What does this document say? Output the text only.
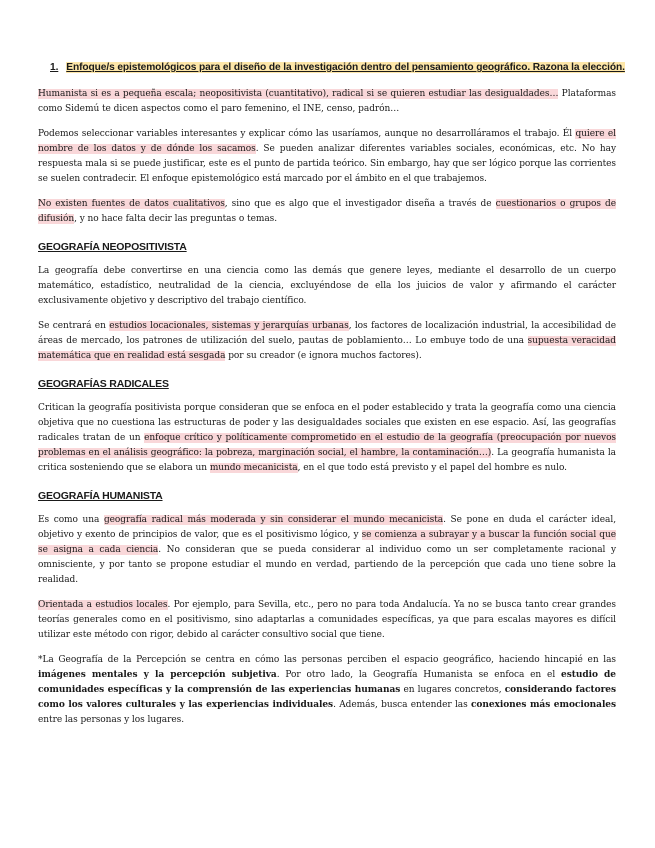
1. Enfoque/s epistemológicos para el diseño de la investigación dentro del pensamiento geográfico. Razona la elección.

Humanista si es a pequeña escala; neopositivista (cuantitativo), radical si se quieren estudiar las desigualdades… Plataformas como Sidemú te dicen aspectos como el paro femenino, el INE, censo, padrón…

Podemos seleccionar variables interesantes y explicar cómo las usaríamos, aunque no desarrolláramos el trabajo. Él quiere el nombre de los datos y de dónde los sacamos. Se pueden analizar diferentes variables sociales, económicas, etc. No hay respuesta mala si se puede justificar, este es el punto de partida teórico. Sin embargo, hay que ser lógico porque las corrientes se suelen contradecir. El enfoque epistemológico está marcado por el ámbito en el que trabajemos.

No existen fuentes de datos cualitativos, sino que es algo que el investigador diseña a través de cuestionarios o grupos de difusión, y no hace falta decir las preguntas o temas.

GEOGRAFÍA NEOPOSITIVISTA

La geografía debe convertirse en una ciencia como las demás que genere leyes, mediante el desarrollo de un cuerpo matemático, estadístico, neutralidad de la ciencia, excluyéndose de ella los juicios de valor y afirmando el carácter exclusivamente objetivo y descriptivo del trabajo científico.

Se centrará en estudios locacionales, sistemas y jerarquías urbanas, los factores de localización industrial, la accesibilidad de áreas de mercado, los patrones de utilización del suelo, pautas de poblamiento… Lo embuye todo de una supuesta veracidad matemática que en realidad está sesgada por su creador (e ignora muchos factores).

GEOGRAFÍAS RADICALES

Critican la geografía positivista porque consideran que se enfoca en el poder establecido y trata la geografía como una ciencia objetiva que no cuestiona las estructuras de poder y las desigualdades sociales que existen en ese espacio. Así, las geografías radicales tratan de un enfoque crítico y políticamente comprometido en el estudio de la geografía (preocupación por nuevos problemas en el análisis geográfico: la pobreza, marginación social, el hambre, la contaminación…). La geografía humanista la critica sosteniendo que se elabora un mundo mecanicista, en el que todo está previsto y el papel del hombre es nulo.

GEOGRAFÍA HUMANISTA

Es como una geografía radical más moderada y sin considerar el mundo mecanicista. Se pone en duda el carácter ideal, objetivo y exento de principios de valor, que es el positivismo lógico, y se comienza a subrayar y a buscar la función social que se asigna a cada ciencia. No consideran que se pueda considerar al individuo como un ser completamente racional y omnisciente, y por tanto se propone estudiar el mundo en verdad, partiendo de la percepción que cada uno tiene sobre la realidad.

Orientada a estudios locales. Por ejemplo, para Sevilla, etc., pero no para toda Andalucía. Ya no se busca tanto crear grandes teorías generales como en el positivismo, sino adaptarlas a comunidades específicas, ya que para escalas mayores es difícil utilizar este método con rigor, debido al carácter consultivo social que tiene.

*La Geografía de la Percepción se centra en cómo las personas perciben el espacio geográfico, haciendo hincapié en las imágenes mentales y la percepción subjetiva. Por otro lado, la Geografía Humanista se enfoca en el estudio de comunidades específicas y la comprensión de las experiencias humanas en lugares concretos, considerando factores como los valores culturales y las experiencias individuales. Además, busca entender las conexiones más emocionales entre las personas y los lugares.
